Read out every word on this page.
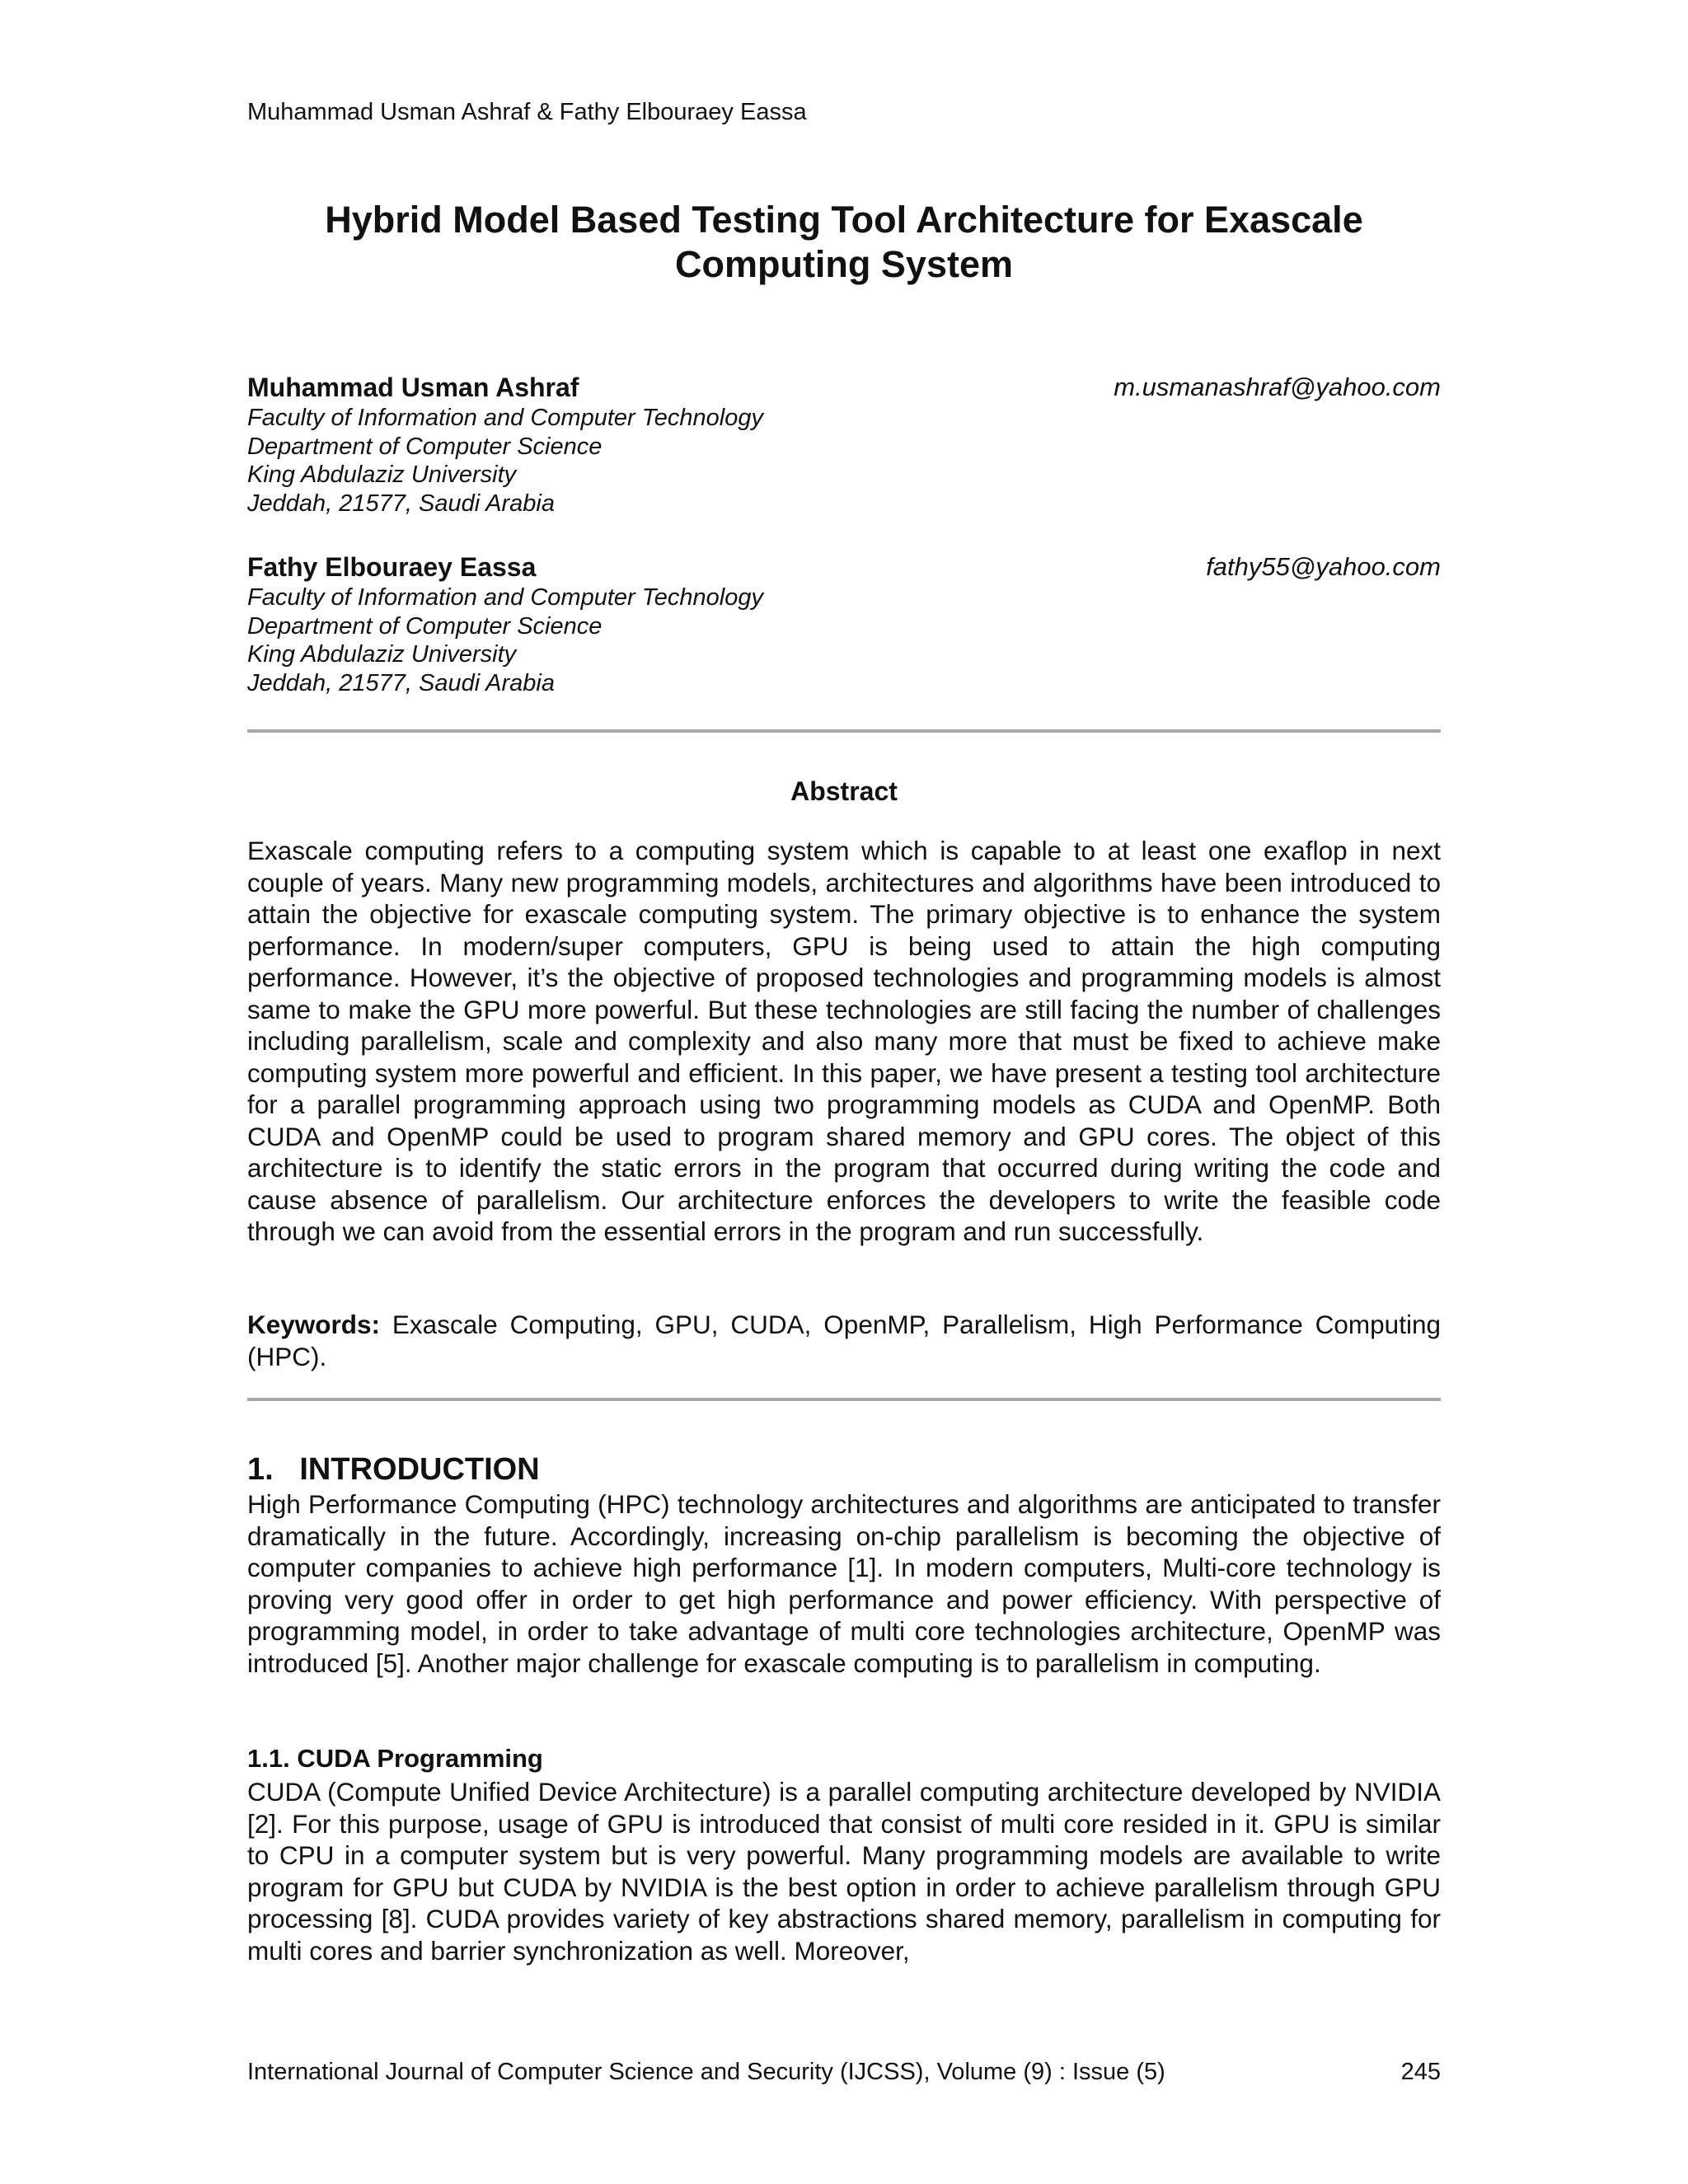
Muhammad Usman Ashraf & Fathy Elbouraey Eassa
Hybrid Model Based Testing Tool Architecture for Exascale
Computing System
Muhammad Usman Ashraf	m.usmanashraf@yahoo.com
Faculty of Information and Computer Technology
Department of Computer Science
King Abdulaziz University
Jeddah, 21577, Saudi Arabia
Fathy Elbouraey Eassa	fathy55@yahoo.com
Faculty of Information and Computer Technology
Department of Computer Science
King Abdulaziz University
Jeddah, 21577, Saudi Arabia
Abstract
Exascale computing refers to a computing system which is capable to at least one exaflop in next couple of years. Many new programming models, architectures and algorithms have been introduced to attain the objective for exascale computing system. The primary objective is to enhance the system performance. In modern/super computers, GPU is being used to attain the high computing performance. However, it’s the objective of proposed technologies and programming models is almost same to make the GPU more powerful. But these technologies are still facing the number of challenges including parallelism, scale and complexity and also many more that must be fixed to achieve make computing system more powerful and efficient. In this paper, we have present a testing tool architecture for a parallel programming approach using two programming models as CUDA and OpenMP. Both CUDA and OpenMP could be used to program shared memory and GPU cores. The object of this architecture is to identify the static errors in the program that occurred during writing the code and cause absence of parallelism. Our architecture enforces the developers to write the feasible code through we can avoid from the essential errors in the program and run successfully.
Keywords: Exascale Computing, GPU, CUDA, OpenMP, Parallelism, High Performance Computing (HPC).
1.   INTRODUCTION
High Performance Computing (HPC) technology architectures and algorithms are anticipated to transfer dramatically in the future. Accordingly, increasing on-chip parallelism is becoming the objective of computer companies to achieve high performance [1]. In modern computers, Multi-core technology is proving very good offer in order to get high performance and power efficiency. With perspective of programming model, in order to take advantage of multi core technologies architecture, OpenMP was introduced [5]. Another major challenge for exascale computing is to parallelism in computing.
1.1. CUDA Programming
CUDA (Compute Unified Device Architecture) is a parallel computing architecture developed by NVIDIA [2]. For this purpose, usage of GPU is introduced that consist of multi core resided in it. GPU is similar to CPU in a computer system but is very powerful. Many programming models are available to write program for GPU but CUDA by NVIDIA is the best option in order to achieve parallelism through GPU processing [8]. CUDA provides variety of key abstractions shared memory, parallelism in computing for multi cores and barrier synchronization as well. Moreover,
International Journal of Computer Science and Security (IJCSS), Volume (9) : Issue (5)	245
